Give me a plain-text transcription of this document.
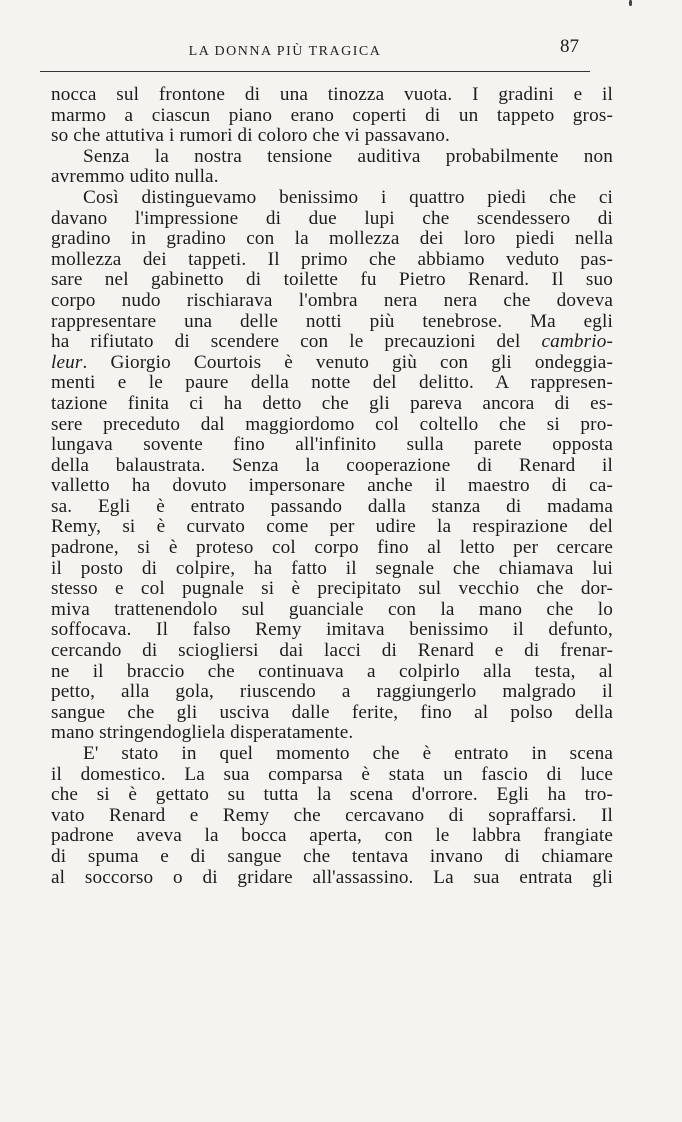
LA DONNA PIÙ TRAGICA	87
nocca sul frontone di una tinozza vuota. I gradini e il
marmo a ciascun piano erano coperti di un tappeto gros-
so che attutiva i rumori di coloro che vi passavano.
Senza la nostra tensione auditiva probabilmente non
avremmo udito nulla.
Così distinguevamo benissimo i quattro piedi che ci
davano l'impressione di due lupi che scendessero di
gradino in gradino con la mollezza dei loro piedi nella
mollezza dei tappeti. Il primo che abbiamo veduto pas-
sare nel gabinetto di toilette fu Pietro Renard. Il suo
corpo nudo rischiarava l'ombra nera nera che doveva
rappresentare una delle notti più tenebrose. Ma egli
ha rifiutato di scendere con le precauzioni del cambrio-
leur. Giorgio Courtois è venuto giù con gli ondeggia-
menti e le paure della notte del delitto. A rappresen-
tazione finita ci ha detto che gli pareva ancora di es-
sere preceduto dal maggiordomo col coltello che si pro-
lungava sovente fino all'infinito sulla parete opposta
della balaustrata. Senza la cooperazione di Renard il
valletto ha dovuto impersonare anche il maestro di ca-
sa. Egli è entrato passando dalla stanza di madama
Remy, si è curvato come per udire la respirazione del
padrone, si è proteso col corpo fino al letto per cercare
il posto di colpire, ha fatto il segnale che chiamava lui
stesso e col pugnale si è precipitato sul vecchio che dor-
miva trattenendolo sul guanciale con la mano che lo
soffocava. Il falso Remy imitava benissimo il defunto,
cercando di sciogliersi dai lacci di Renard e di frenar-
ne il braccio che continuava a colpirlo alla testa, al
petto, alla gola, riuscendo a raggiungerlo malgrado il
sangue che gli usciva dalle ferite, fino al polso della
mano stringendogliela disperatamente.
E' stato in quel momento che è entrato in scena
il domestico. La sua comparsa è stata un fascio di luce
che si è gettato su tutta la scena d'orrore. Egli ha tro-
vato Renard e Remy che cercavano di sopraffarsi. Il
padrone aveva la bocca aperta, con le labbra frangiate
di spuma e di sangue che tentava invano di chiamare
al soccorso o di gridare all'assassino. La sua entrata gli
